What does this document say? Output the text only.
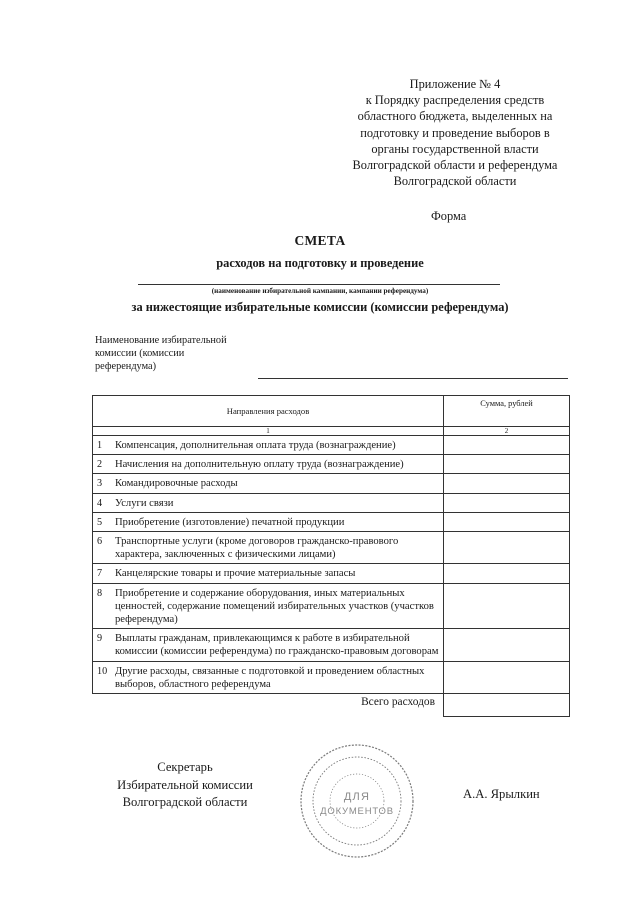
Приложение № 4
к Порядку распределения средств
областного бюджета, выделенных на
подготовку и проведение выборов в
органы государственной власти
Волгоградской области и референдума
Волгоградской области
Форма
СМЕТА
расходов на подготовку и проведение
(наименование избирательной кампании, кампании референдума)
за нижестоящие избирательные комиссии (комиссии референдума)
Наименование избирательной комиссии (комиссии референдума)
Направления расходов	Сумма, рублей
1	2

1 Компенсация, дополнительная оплата труда (вознаграждение)	

2 Начисления на дополнительную оплату труда (вознаграждение)	

3 Командировочные расходы	

4 Услуги связи	

5 Приобретение (изготовление) печатной продукции	

6 Транспортные услуги (кроме договоров гражданско-правового характера, заключенных с физическими лицами)	

7 Канцелярские товары и прочие материальные запасы	

8 Приобретение и содержание оборудования, иных материальных ценностей, содержание помещений избирательных участков (участков референдума)	

9 Выплаты гражданам, привлекающимся к работе в избирательной комиссии (комиссии референдума) по гражданско-правовым договорам	

10 Другие расходы, связанные с подготовкой и проведением областных выборов, областного референдума	

Всего расходов	
Секретарь
Избирательной комиссии
Волгоградской области	ДЛЯ
ДОКУМЕНТОВ
А.А. Ярылкин
